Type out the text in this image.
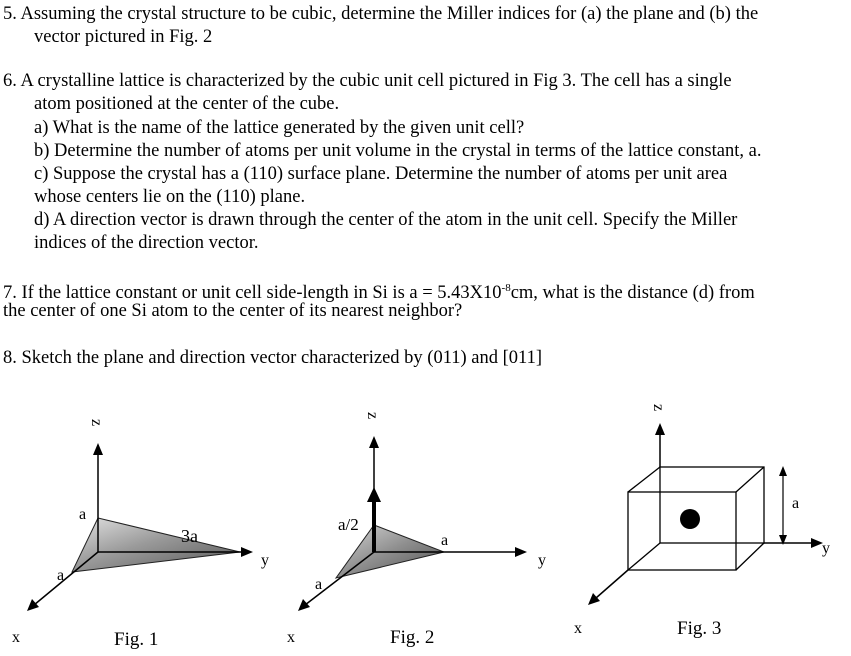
5. Assuming the crystal structure to be cubic, determine the Miller indices for (a) the plane and (b) the
vector pictured in Fig. 2
6. A crystalline lattice is characterized by the cubic unit cell pictured in Fig 3. The cell has a single
atom positioned at the center of the cube.
a) What is the name of the lattice generated by the given unit cell?
b) Determine the number of atoms per unit volume in the crystal in terms of the lattice constant, a.
c) Suppose the crystal has a (110) surface plane. Determine the number of atoms per unit area
whose centers lie on the (110) plane.
d) A direction vector is drawn through the center of the atom in the unit cell. Specify the Miller
indices of the direction vector.
7. If the lattice constant or unit cell side-length in Si is $a = 5.43X10^{-8}cm$, what is the distance (d) from
the center of one Si atom to the center of its nearest neighbor?
8. Sketch the plane and direction vector characterized by (011) and [011]
z
a
3a
y
a
x	Fig. 1
z
a/2
a
y
a
x	Fig. 2
z
a
y
x	Fig. 3
